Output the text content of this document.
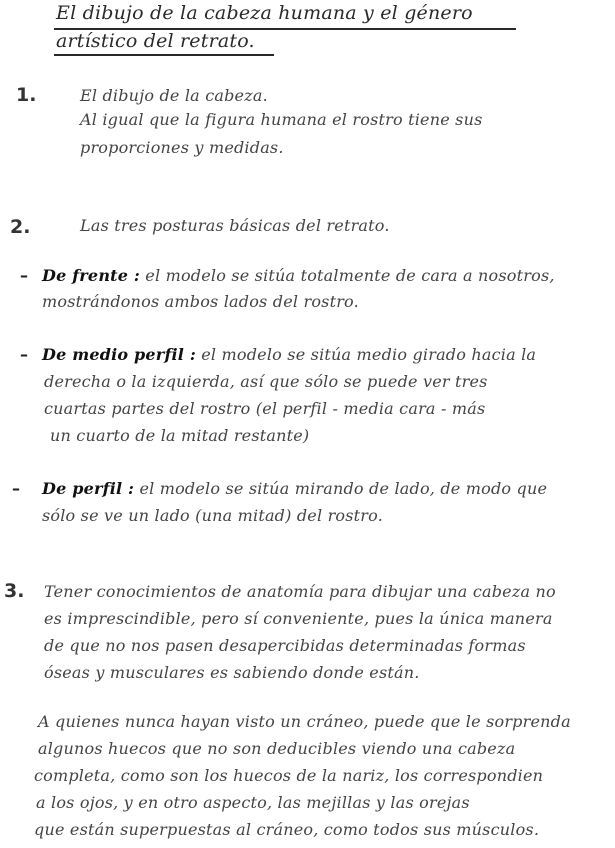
El dibujo de la cabeza humana y el género
artístico del retrato.
1.	El dibujo de la cabeza.
Al igual que la figura humana el rostro tiene sus
proporciones y medidas.
2.	Las tres posturas básicas del retrato.
– De frente : el modelo se sitúa totalmente de cara a nosotros,
mostrándonos ambos lados del rostro.
– De medio perfil : el modelo se sitúa medio girado hacia la
derecha o la izquierda, así que sólo se puede ver tres
cuartas partes del rostro (el perfil - media cara - más
un cuarto de la mitad restante)
– De perfil : el modelo se sitúa mirando de lado, de modo que
sólo se ve un lado (una mitad) del rostro.
3. Tener conocimientos de anatomía para dibujar una cabeza no
es imprescindible, pero sí conveniente, pues la única manera
de que no nos pasen desapercibidas determinadas formas
óseas y musculares es sabiendo donde están.
A quienes nunca hayan visto un cráneo, puede que le sorprenda
algunos huecos que no son deducibles viendo una cabeza
completa, como son los huecos de la nariz, los correspondien
a los ojos, y en otro aspecto, las mejillas y las orejas
que están superpuestas al cráneo, como todos sus músculos.
